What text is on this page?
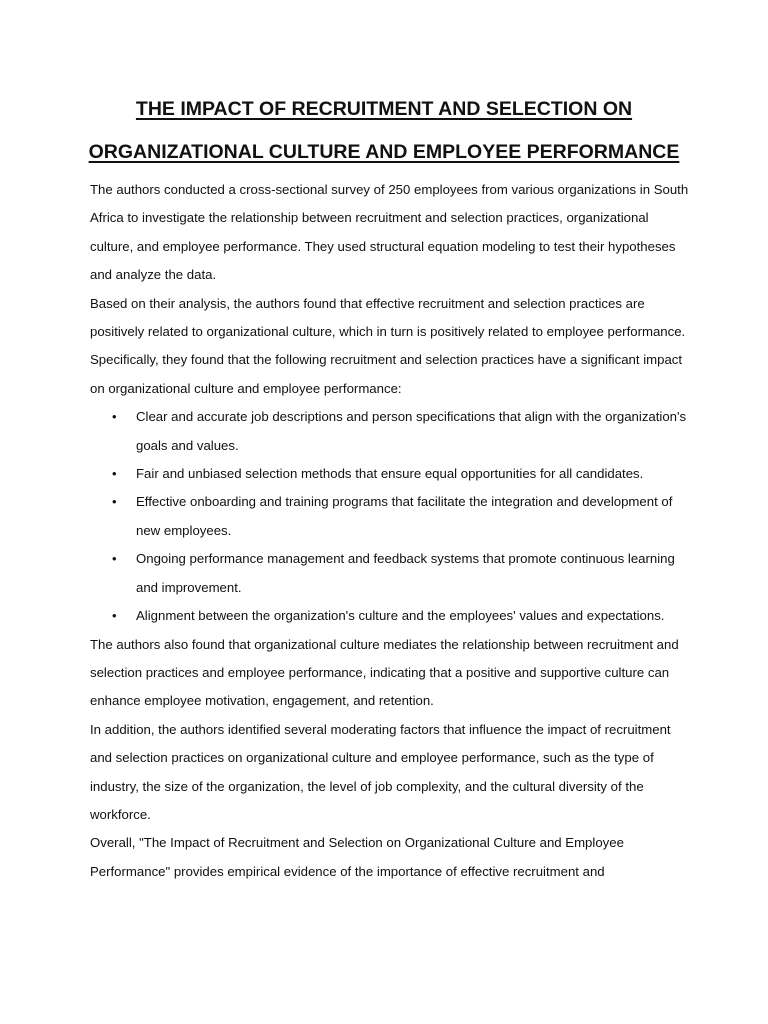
THE IMPACT OF RECRUITMENT AND SELECTION ON
ORGANIZATIONAL CULTURE AND EMPLOYEE PERFORMANCE

The authors conducted a cross-sectional survey of 250 employees from various organizations in South Africa to investigate the relationship between recruitment and selection practices, organizational culture, and employee performance. They used structural equation modeling to test their hypotheses and analyze the data.

Based on their analysis, the authors found that effective recruitment and selection practices are positively related to organizational culture, which in turn is positively related to employee performance. Specifically, they found that the following recruitment and selection practices have a significant impact on organizational culture and employee performance:

• Clear and accurate job descriptions and person specifications that align with the organization's goals and values.
• Fair and unbiased selection methods that ensure equal opportunities for all candidates.
• Effective onboarding and training programs that facilitate the integration and development of new employees.
• Ongoing performance management and feedback systems that promote continuous learning and improvement.
• Alignment between the organization's culture and the employees' values and expectations.

The authors also found that organizational culture mediates the relationship between recruitment and selection practices and employee performance, indicating that a positive and supportive culture can enhance employee motivation, engagement, and retention.

In addition, the authors identified several moderating factors that influence the impact of recruitment and selection practices on organizational culture and employee performance, such as the type of industry, the size of the organization, the level of job complexity, and the cultural diversity of the workforce.

Overall, "The Impact of Recruitment and Selection on Organizational Culture and Employee Performance" provides empirical evidence of the importance of effective recruitment and
